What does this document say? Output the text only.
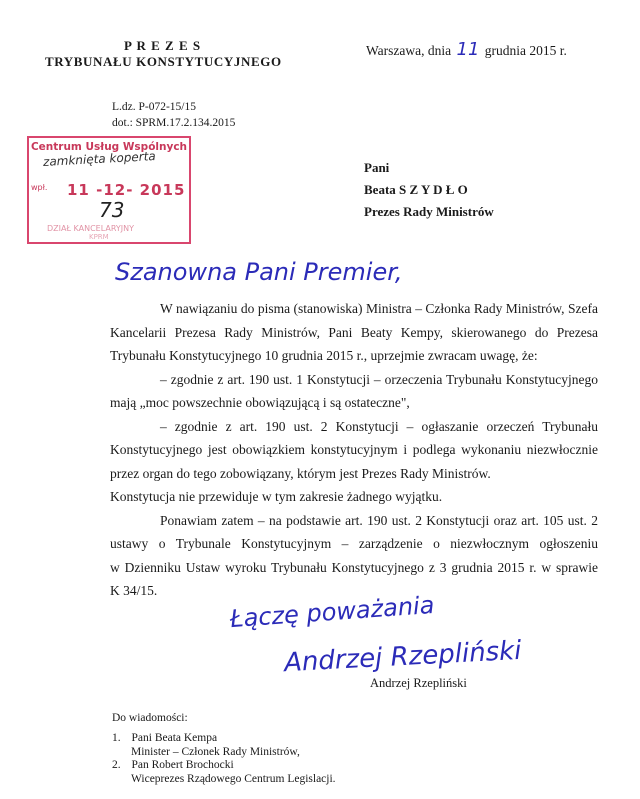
P R E Z E S
TRYBUNAŁU KONSTYTUCYJNEGO
Warszawa, dnia 11 grudnia 2015 r.
L.dz. P-072-15/15
dot.: SPRM.17.2.134.2015
Centrum Usług Wspólnych
zamknięta koperta
wpł. 11 -12- 2015
73
DZIAŁ KANCELARYJNY
KPRM
Pani
Beata S Z Y D Ł O
Prezes Rady Ministrów
Szanowna Pani Premier,
W nawiązaniu do pisma (stanowiska) Ministra – Członka Rady Ministrów, Szefa
Kancelarii Prezesa Rady Ministrów, Pani Beaty Kempy, skierowanego do Prezesa
Trybunału Konstytucyjnego 10 grudnia 2015 r., uprzejmie zwracam uwagę, że:
– zgodnie z art. 190 ust. 1 Konstytucji – orzeczenia Trybunału Konstytucyjnego
mają „moc powszechnie obowiązującą i są ostateczne",
– zgodnie z art. 190 ust. 2 Konstytucji – ogłaszanie orzeczeń Trybunału
Konstytucyjnego jest obowiązkiem konstytucyjnym i podlega wykonaniu niezwłocznie
przez organ do tego zobowiązany, którym jest Prezes Rady Ministrów.
Konstytucja nie przewiduje w tym zakresie żadnego wyjątku.
Ponawiam zatem – na podstawie art. 190 ust. 2 Konstytucji oraz art. 105 ust. 2
ustawy o Trybunale Konstytucyjnym – zarządzenie o niezwłocznym ogłoszeniu
w Dzienniku Ustaw wyroku Trybunału Konstytucyjnego z 3 grudnia 2015 r. w sprawie
K 34/15.
Łączę poważania
Andrzej Rzepliński
Andrzej Rzepliński
Do wiadomości:
1. Pani Beata Kempa
Minister – Członek Rady Ministrów,
2. Pan Robert Brochocki
Wiceprezes Rządowego Centrum Legislacji.
